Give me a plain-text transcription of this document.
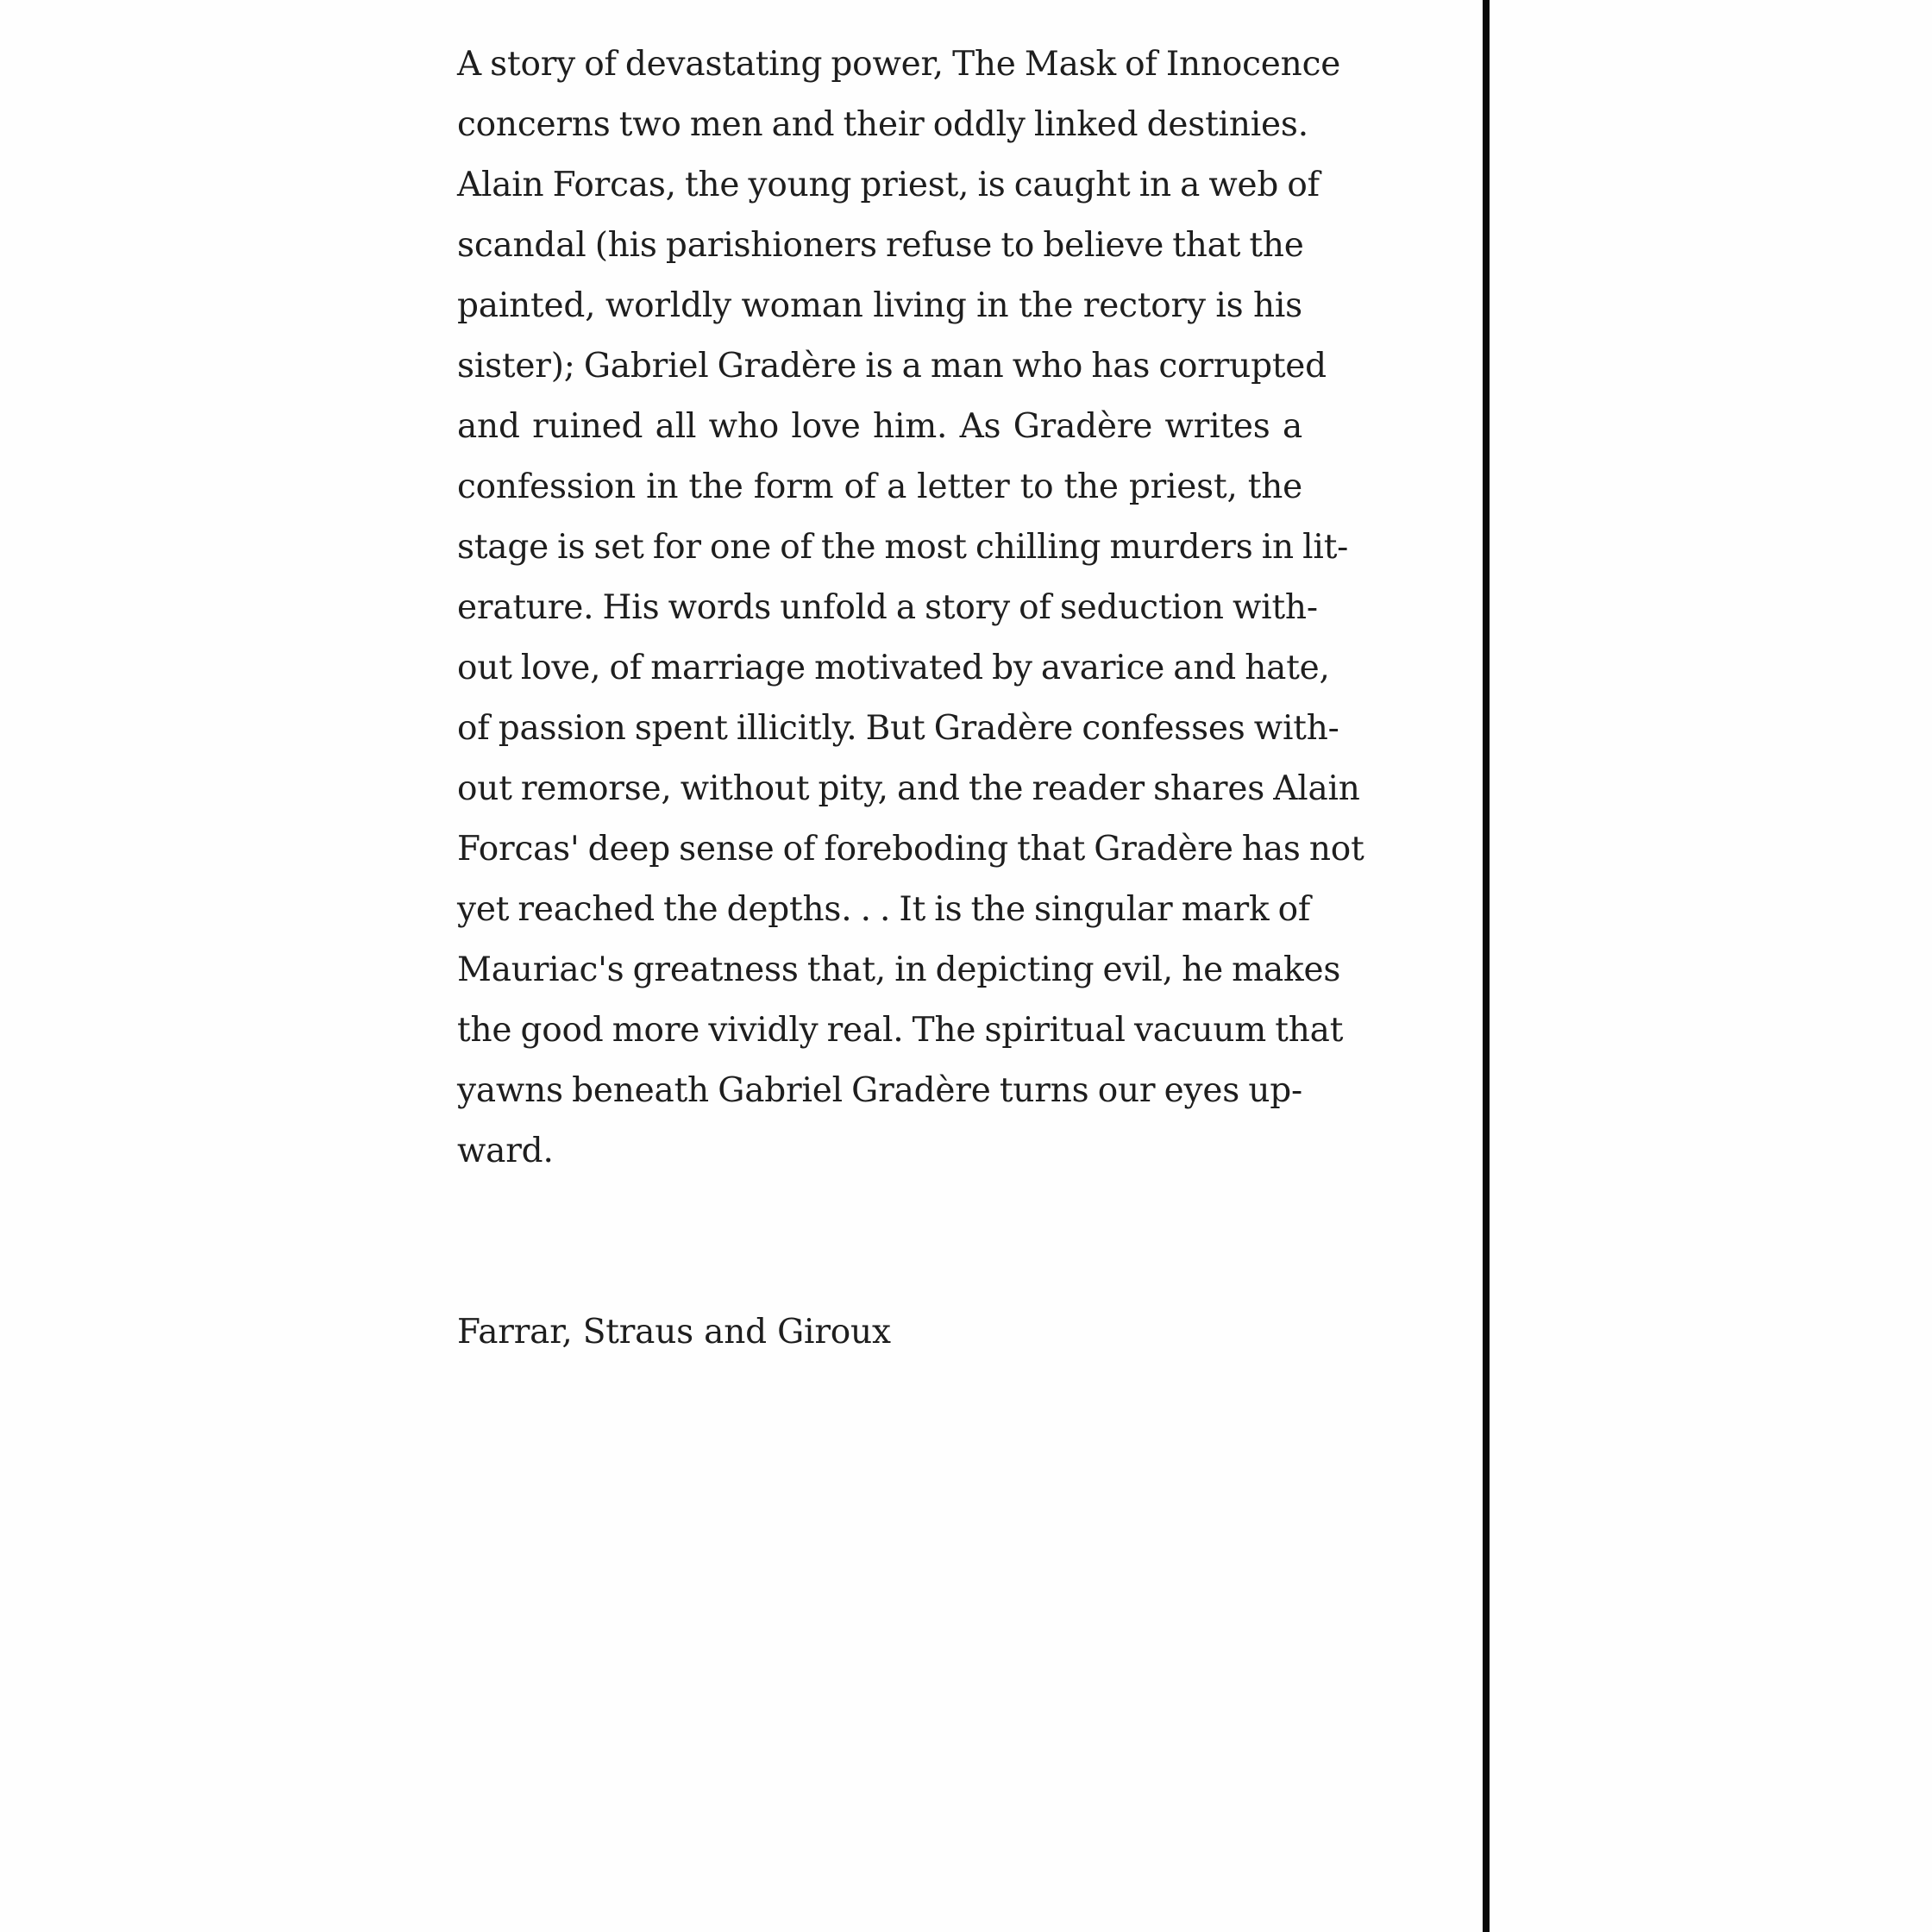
A story of devastating power, The Mask of Innocence
concerns two men and their oddly linked destinies.
Alain Forcas, the young priest, is caught in a web of
scandal (his parishioners refuse to believe that the
painted, worldly woman living in the rectory is his
sister); Gabriel Gradère is a man who has corrupted
and ruined all who love him. As Gradère writes a
confession in the form of a letter to the priest, the
stage is set for one of the most chilling murders in lit-
erature. His words unfold a story of seduction with-
out love, of marriage motivated by avarice and hate,
of passion spent illicitly. But Gradère confesses with-
out remorse, without pity, and the reader shares Alain
Forcas' deep sense of foreboding that Gradère has not
yet reached the depths. . . It is the singular mark of
Mauriac's greatness that, in depicting evil, he makes
the good more vividly real. The spiritual vacuum that
yawns beneath Gabriel Gradère turns our eyes up-
ward.

Farrar, Straus and Giroux
